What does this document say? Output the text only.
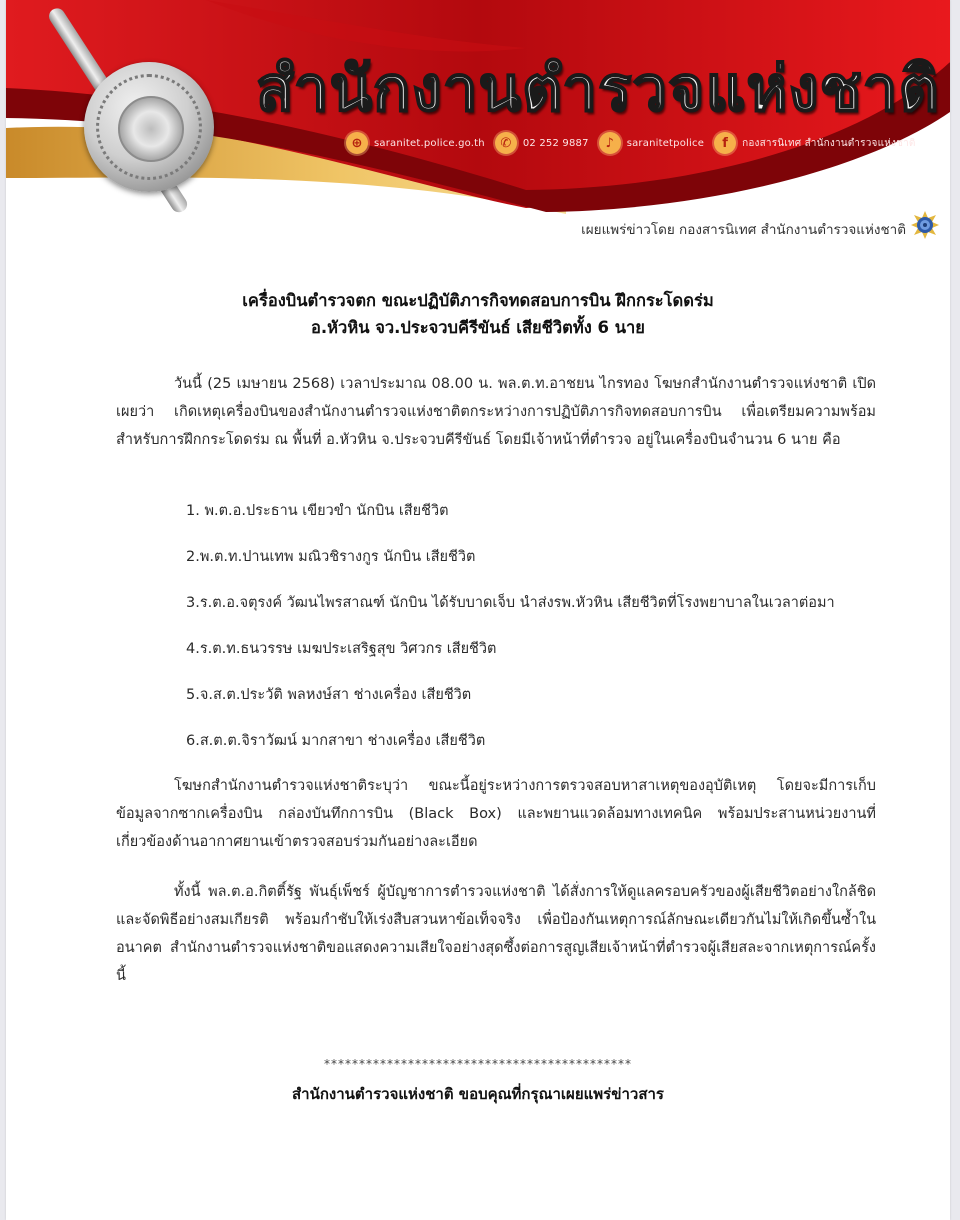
สำนักงานตำรวจแห่งชาติ
⊕	saranitet.police.go.th	✆	02 252 9887	♪	saranitetpolice	f	กองสารนิเทศ สำนักงานตำรวจแห่งชาติ
เผยแพร่ข่าวโดย กองสารนิเทศ สำนักงานตำรวจแห่งชาติ
เครื่องบินตำรวจตก ขณะปฏิบัติภารกิจทดสอบการบิน ฝึกกระโดดร่ม
อ.หัวหิน จว.ประจวบคีรีขันธ์ เสียชีวิตทั้ง 6 นาย

วันนี้ (25 เมษายน 2568) เวลาประมาณ 08.00 น. พล.ต.ท.อาชยน ไกรทอง โฆษกสำนักงานตำรวจแห่งชาติ เปิดเผยว่า เกิดเหตุเครื่องบินของสำนักงานตำรวจแห่งชาติตกระหว่างการปฏิบัติภารกิจทดสอบการบิน เพื่อเตรียมความพร้อมสำหรับการฝึกกระโดดร่ม ณ พื้นที่ อ.หัวหิน จ.ประจวบคีรีขันธ์ โดยมีเจ้าหน้าที่ตำรวจ อยู่ในเครื่องบินจำนวน 6 นาย คือ

1. พ.ต.อ.ประธาน เขียวขำ นักบิน เสียชีวิต
2.พ.ต.ท.ปานเทพ มณิวชิรางกูร นักบิน เสียชีวิต
3.ร.ต.อ.จตุรงค์ วัฒนไพรสาณฑ์ นักบิน ได้รับบาดเจ็บ นำส่งรพ.หัวหิน เสียชีวิตที่โรงพยาบาลในเวลาต่อมา
4.ร.ต.ท.ธนวรรษ เมฆประเสริฐสุข วิศวกร เสียชีวิต
5.จ.ส.ต.ประวัติ พลหงษ์สา ช่างเครื่อง เสียชีวิต
6.ส.ต.ต.จิราวัฒน์ มากสาขา ช่างเครื่อง เสียชีวิต

โฆษกสำนักงานตำรวจแห่งชาติระบุว่า ขณะนี้อยู่ระหว่างการตรวจสอบหาสาเหตุของอุบัติเหตุ โดยจะมีการเก็บข้อมูลจากซากเครื่องบิน กล่องบันทึกการบิน (Black Box) และพยานแวดล้อมทางเทคนิค พร้อมประสานหน่วยงานที่เกี่ยวข้องด้านอากาศยานเข้าตรวจสอบร่วมกันอย่างละเอียด

ทั้งนี้ พล.ต.อ.กิตติ์รัฐ พันธุ์เพ็ชร์ ผู้บัญชาการตำรวจแห่งชาติ ได้สั่งการให้ดูแลครอบครัวของผู้เสียชีวิตอย่างใกล้ชิด และจัดพิธีอย่างสมเกียรติ พร้อมกำชับให้เร่งสืบสวนหาข้อเท็จจริง เพื่อป้องกันเหตุการณ์ลักษณะเดียวกันไม่ให้เกิดขึ้นซ้ำในอนาคต สำนักงานตำรวจแห่งชาติขอแสดงความเสียใจอย่างสุดซึ้งต่อการสูญเสียเจ้าหน้าที่ตำรวจผู้เสียสละจากเหตุการณ์ครั้งนี้

********************************************
สำนักงานตำรวจแห่งชาติ ขอบคุณที่กรุณาเผยแพร่ข่าวสาร
